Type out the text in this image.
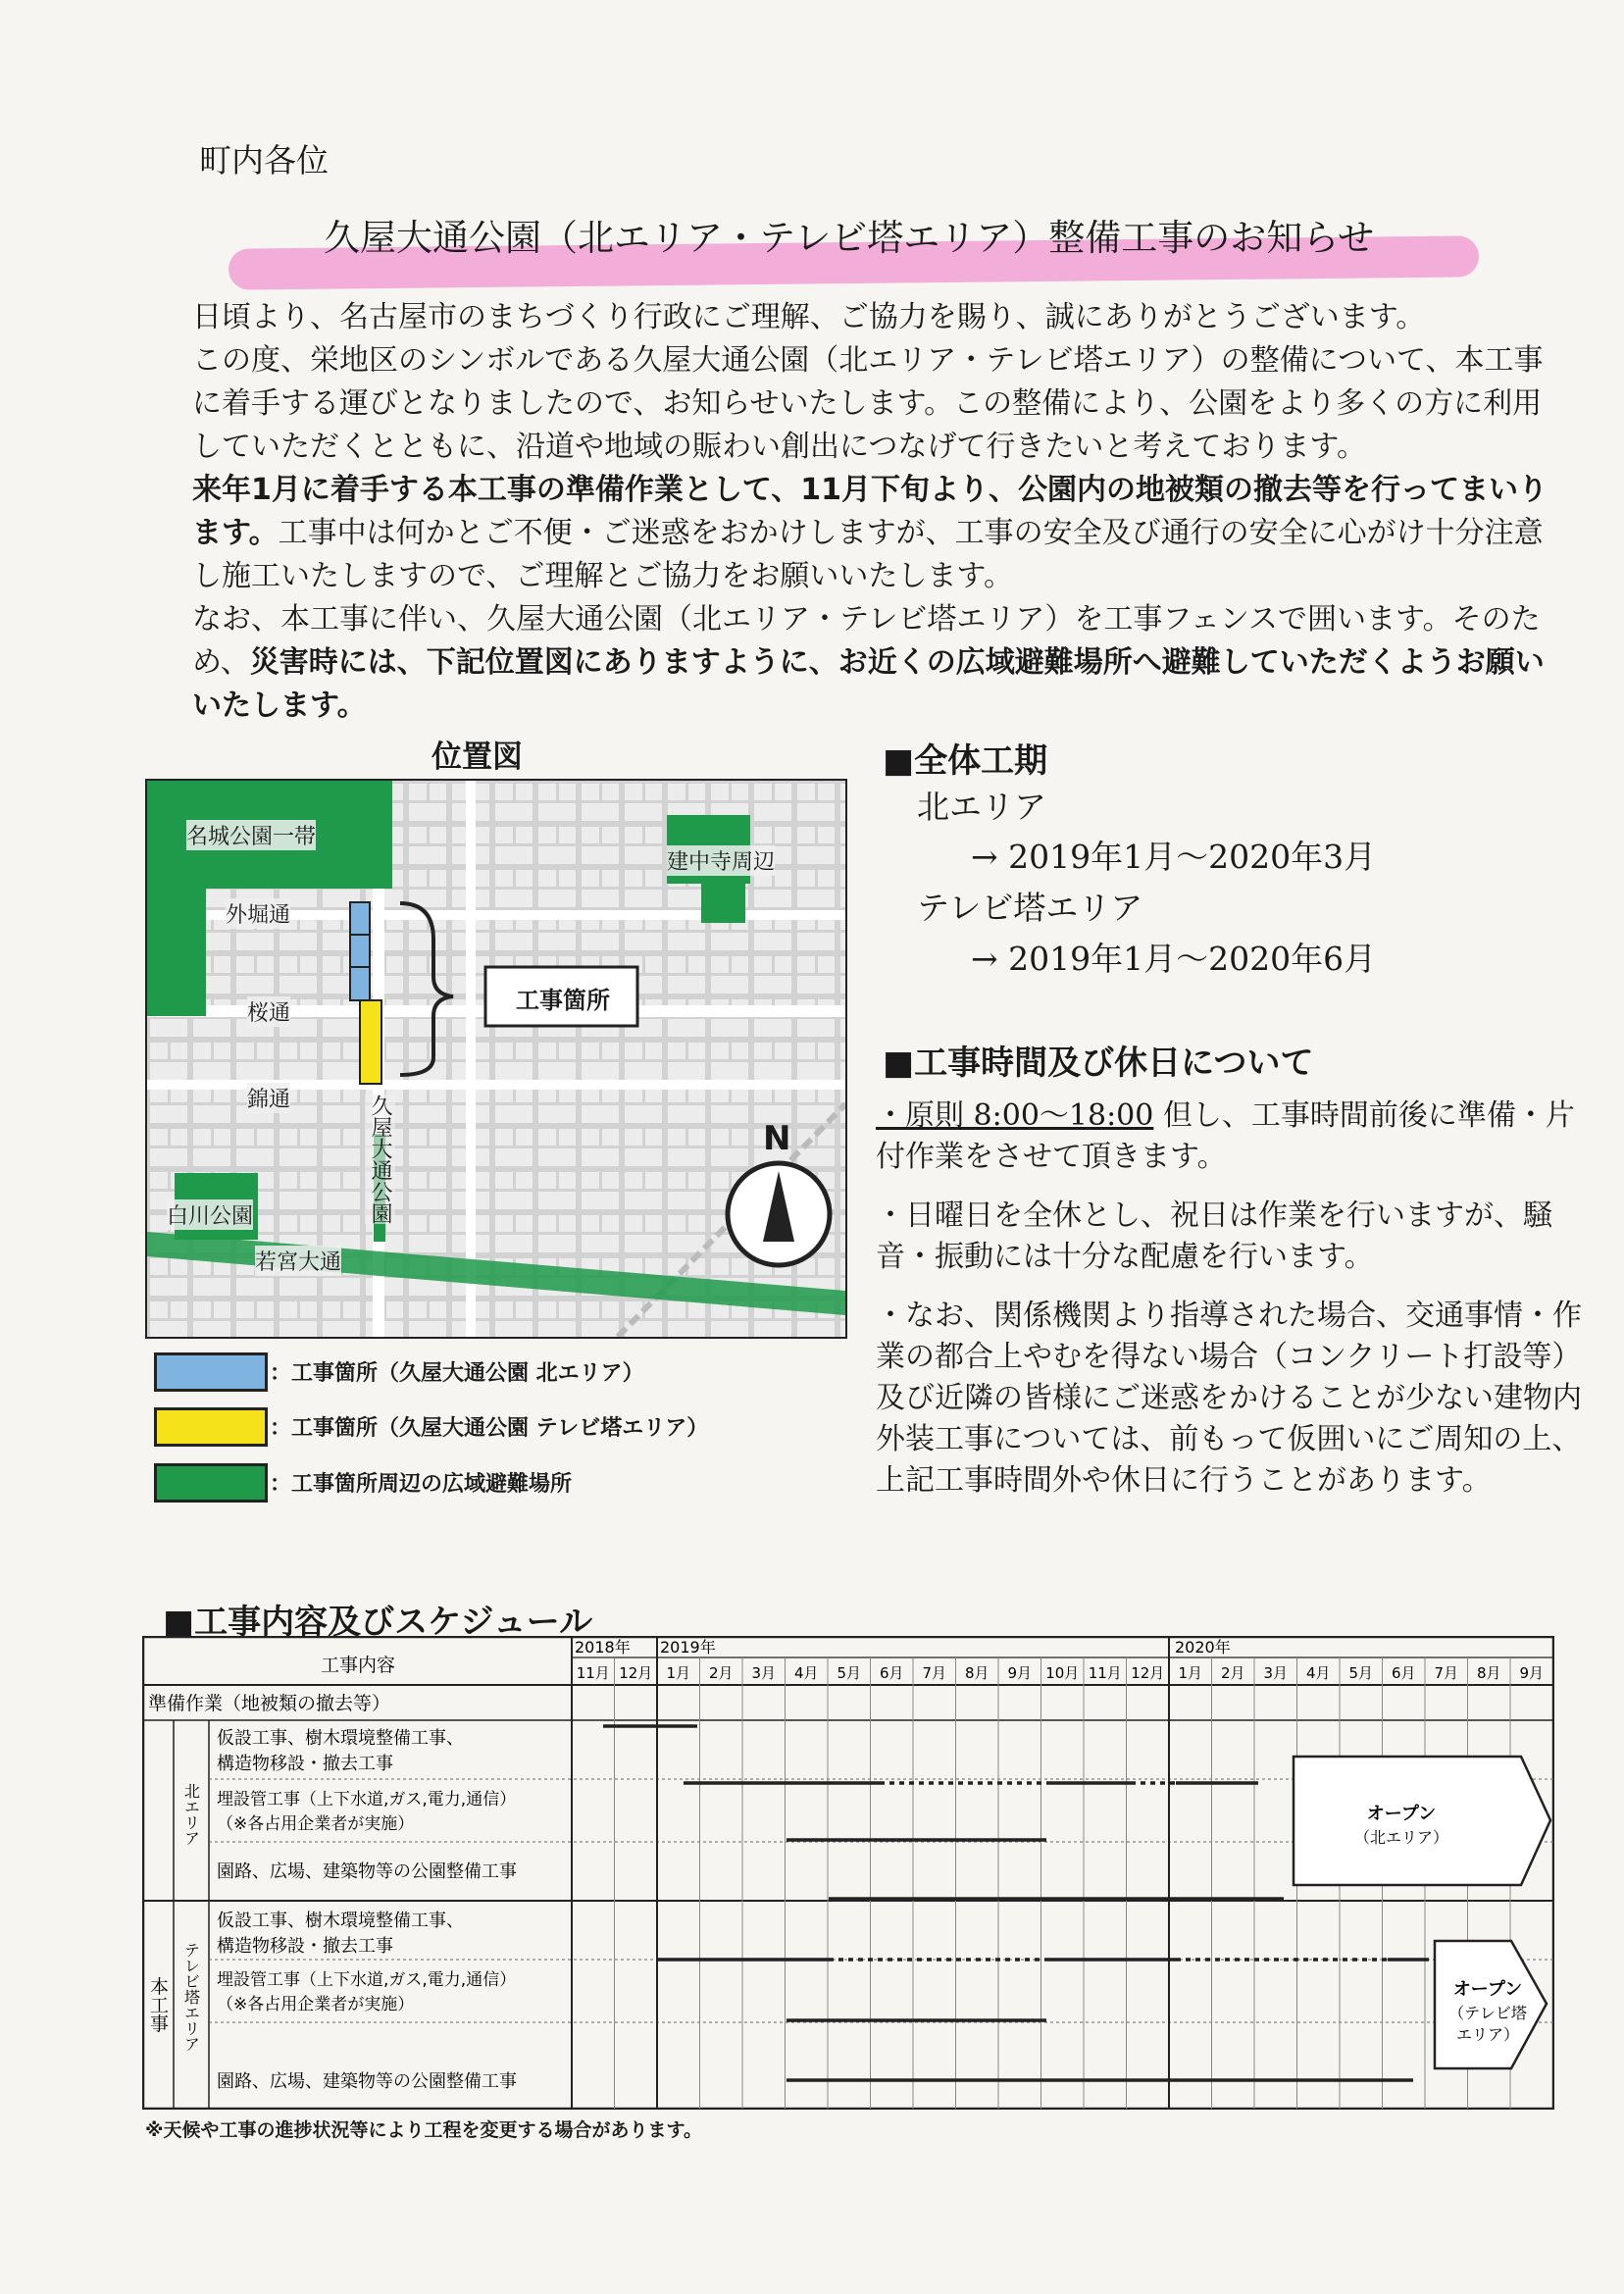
町内各位
久屋大通公園（北エリア・テレビ塔エリア）整備工事のお知らせ

日頃より、名古屋市のまちづくり行政にご理解、ご協力を賜り、誠にありがとうございます。

この度、栄地区のシンボルである久屋大通公園（北エリア・テレビ塔エリア）の整備について、本工事に着手する運びとなりましたので、お知らせいたします。この整備により、公園をより多くの方に利用していただくとともに、沿道や地域の賑わい創出につなげて行きたいと考えております。

来年1月に着手する本工事の準備作業として、11月下旬より、公園内の地被類の撤去等を行ってまいります。工事中は何かとご不便・ご迷惑をおかけしますが、工事の安全及び通行の安全に心がけ十分注意し施工いたしますので、ご理解とご協力をお願いいたします。

なお、本工事に伴い、久屋大通公園（北エリア・テレビ塔エリア）を工事フェンスで囲います。そのため、災害時には、下記位置図にありますように、お近くの広域避難場所へ避難していただくようお願いいたします。

位置図
名城公園一帯
建中寺周辺
外堀通
桜通
錦通
白川公園
若宮大通
久屋大通公園
工事箇所
N
：工事箇所（久屋大通公園 北エリア）
：工事箇所（久屋大通公園 テレビ塔エリア）
：工事箇所周辺の広域避難場所
■全体工期
北エリア
→ 2019年1月～2020年3月
テレビ塔エリア
→ 2019年1月～2020年6月
■工事時間及び休日について

・原則 8:00～18:00 但し、工事時間前後に準備・片付作業をさせて頂きます。

・日曜日を全休とし、祝日は作業を行いますが、騒音・振動には十分な配慮を行います。

・なお、関係機関より指導された場合、交通事情・作業の都合上やむを得ない場合（コンクリート打設等）及び近隣の皆様にご迷惑をかけることが少ない建物内外装工事については、前もって仮囲いにご周知の上、上記工事時間外や休日に行うことがあります。

■工事内容及びスケジュール
11月 12月 1月 2月 3月 4月 5月 6月 7月 8月 9月 10月 11月 12月 1月 2月 3月 4月 5月 6月 7月 8月 9月
工事内容
2018年 2019年	2020年
準備作業（地被類の撤去等）
本工事
北エリア
テレビ塔エリア
仮設工事、樹木環境整備工事、
構造物移設・撤去工事
埋設管工事（上下水道,ガス,電力,通信）
（※各占用企業者が実施）
園路、広場、建築物等の公園整備工事
仮設工事、樹木環境整備工事、
構造物移設・撤去工事
埋設管工事（上下水道,ガス,電力,通信）
（※各占用企業者が実施）
園路、広場、建築物等の公園整備工事
オープン
（北エリア）
オープン
（テレビ塔
エリア）
※天候や工事の進捗状況等により工程を変更する場合があります。
